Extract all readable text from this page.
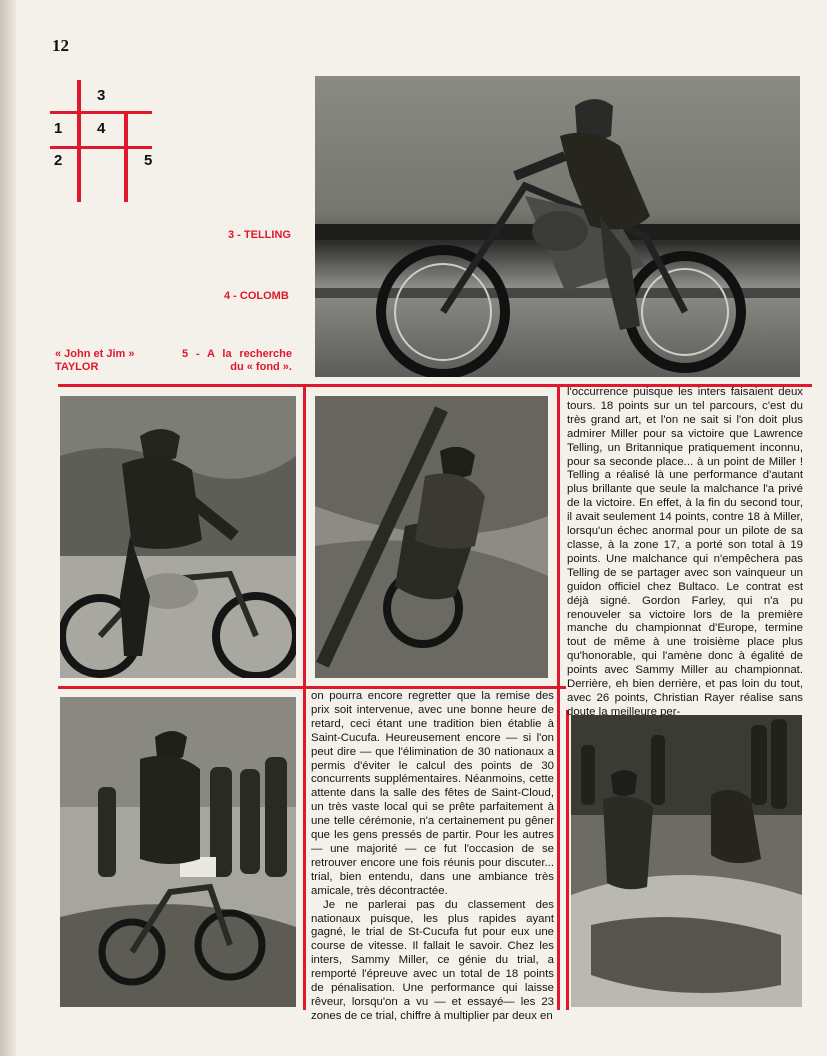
12
3
1 4
2	5
3 - TELLING
4 - COLOMB
« John et Jim »
TAYLOR
5 - A la recherche
du « fond ».

l'occurrence puisque les inters faisaient deux tours. 18 points sur un tel parcours, c'est du très grand art, et l'on ne sait si l'on doit plus admirer Miller pour sa victoire que Lawrence Telling, un Britannique pratiquement inconnu, pour sa seconde place... à un point de Miller ! Telling a réalisé là une performance d'autant plus brillante que seule la malchance l'a privé de la victoire. En effet, à la fin du second tour, il avait seulement 14 points, contre 18 à Miller, lorsqu'un échec anormal pour un pilote de sa classe, à la zone 17, a porté son total à 19 points. Une malchance qui n'empêchera pas Telling de se partager avec son vainqueur un guidon officiel chez Bultaco. Le contrat est déjà signé. Gordon Farley, qui n'a pu renouveler sa victoire lors de la première manche du championnat d'Europe, termine tout de même à une troisième place plus qu'honorable, qui l'amène donc à égalité de points avec Sammy Miller au championnat. Derrière, eh bien derrière, et pas loin du tout, avec 26 points, Christian Rayer réalise sans doute la meilleure per-

on pourra encore regretter que la remise des prix soit intervenue, avec une bonne heure de retard, ceci étant une tradition bien établie à Saint-Cucufa. Heureusement encore — si l'on peut dire — que l'élimination de 30 nationaux a permis d'éviter le calcul des points de 30 concurrents supplémentaires. Néanmoins, cette attente dans la salle des fêtes de Saint-Cloud, un très vaste local qui se prête parfaitement à une telle cérémonie, n'a certainement pu gêner que les gens pressés de partir. Pour les autres — une majorité — ce fut l'occasion de se retrouver encore une fois réunis pour discuter... trial, bien entendu, dans une ambiance très amicale, très décontractée.

Je ne parlerai pas du classement des nationaux puisque, les plus rapides ayant gagné, le trial de St-Cucufa fut pour eux une course de vitesse. Il fallait le savoir. Chez les inters, Sammy Miller, ce génie du trial, a remporté l'épreuve avec un total de 18 points de pénalisation. Une performance qui laisse rêveur, lorsqu'on a vu — et essayé— les 23 zones de ce trial, chiffre à multiplier par deux en
